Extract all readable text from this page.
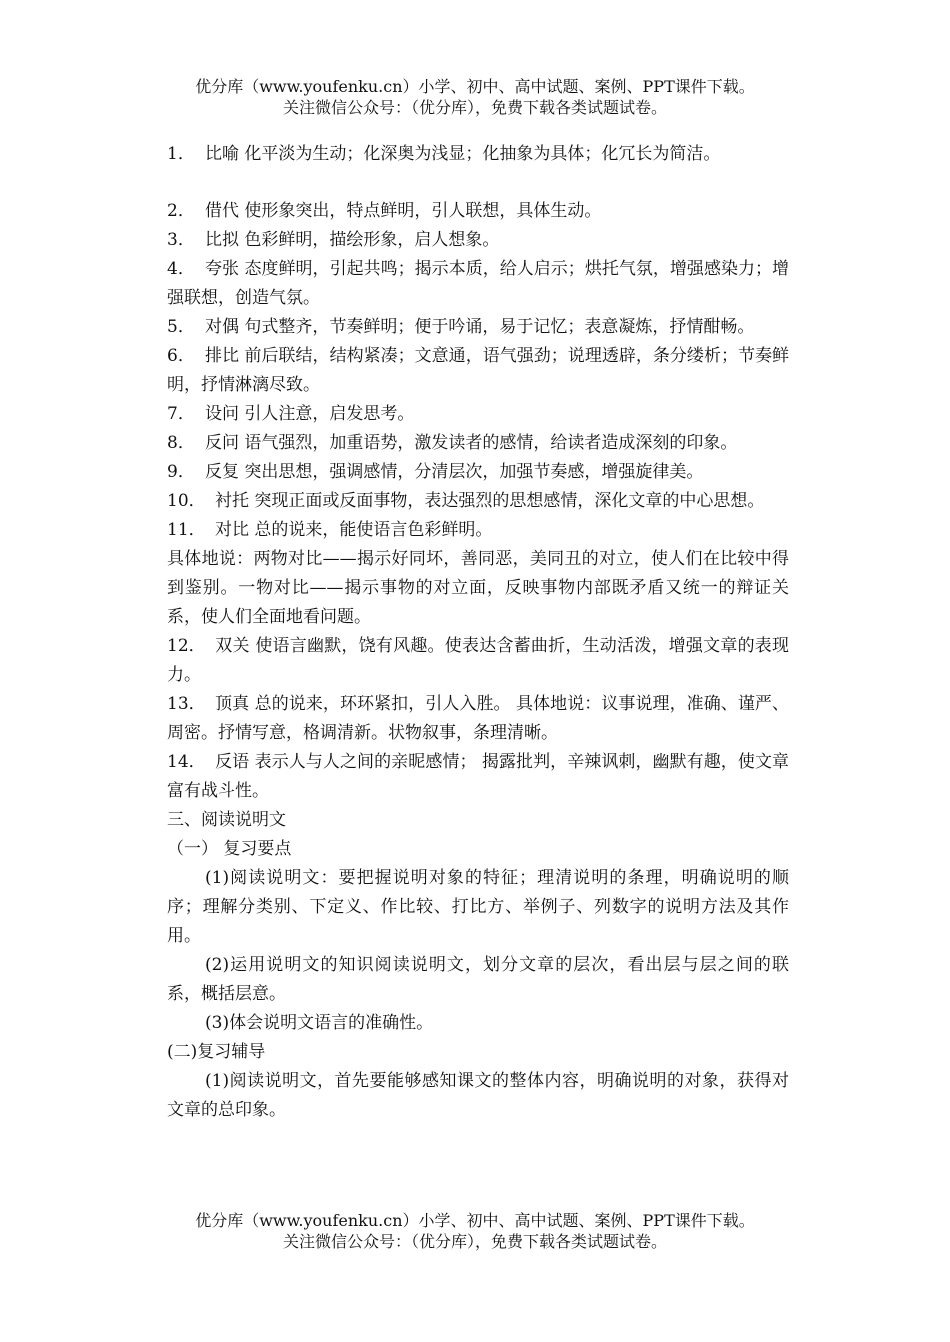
优分库（www.youfenku.cn）小学、初中、高中试题、案例、PPT课件下载。
关注微信公众号：（优分库），免费下载各类试题试卷。

1． 比喻 化平淡为生动；化深奥为浅显；化抽象为具体；化冗长为简洁。

2． 借代 使形象突出，特点鲜明，引人联想，具体生动。

3． 比拟 色彩鲜明，描绘形象，启人想象。

4． 夸张 态度鲜明，引起共鸣；揭示本质，给人启示；烘托气氛，增强感染力；增强联想，创造气氛。

5． 对偶 句式整齐，节奏鲜明；便于吟诵，易于记忆；表意凝炼，抒情酣畅。

6． 排比 前后联结，结构紧凑；文意通，语气强劲；说理透辟，条分缕析；节奏鲜明，抒情淋漓尽致。

7． 设问 引人注意，启发思考。

8． 反问 语气强烈，加重语势，激发读者的感情，给读者造成深刻的印象。

9． 反复 突出思想，强调感情，分清层次，加强节奏感，增强旋律美。

10． 衬托 突现正面或反面事物，表达强烈的思想感情，深化文章的中心思想。

11． 对比 总的说来，能使语言色彩鲜明。

具体地说：两物对比——揭示好同坏，善同恶，美同丑的对立，使人们在比较中得到鉴别。一物对比——揭示事物的对立面，反映事物内部既矛盾又统一的辩证关系，使人们全面地看问题。

12． 双关 使语言幽默，饶有风趣。使表达含蓄曲折，生动活泼，增强文章的表现力。

13． 顶真 总的说来，环环紧扣，引人入胜。 具体地说：议事说理，准确、谨严、周密。抒情写意，格调清新。状物叙事，条理清晰。

14． 反语 表示人与人之间的亲昵感情； 揭露批判，辛辣讽刺，幽默有趣，使文章富有战斗性。

三、阅读说明文

（一） 复习要点

(1)阅读说明文：要把握说明对象的特征；理清说明的条理，明确说明的顺序；理解分类别、下定义、作比较、打比方、举例子、列数字的说明方法及其作用。

(2)运用说明文的知识阅读说明文，划分文章的层次，看出层与层之间的联系，概括层意。

(3)体会说明文语言的准确性。

(二)复习辅导

(1)阅读说明文，首先要能够感知课文的整体内容，明确说明的对象，获得对文章的总印象。

优分库（www.youfenku.cn）小学、初中、高中试题、案例、PPT课件下载。
关注微信公众号：（优分库），免费下载各类试题试卷。
